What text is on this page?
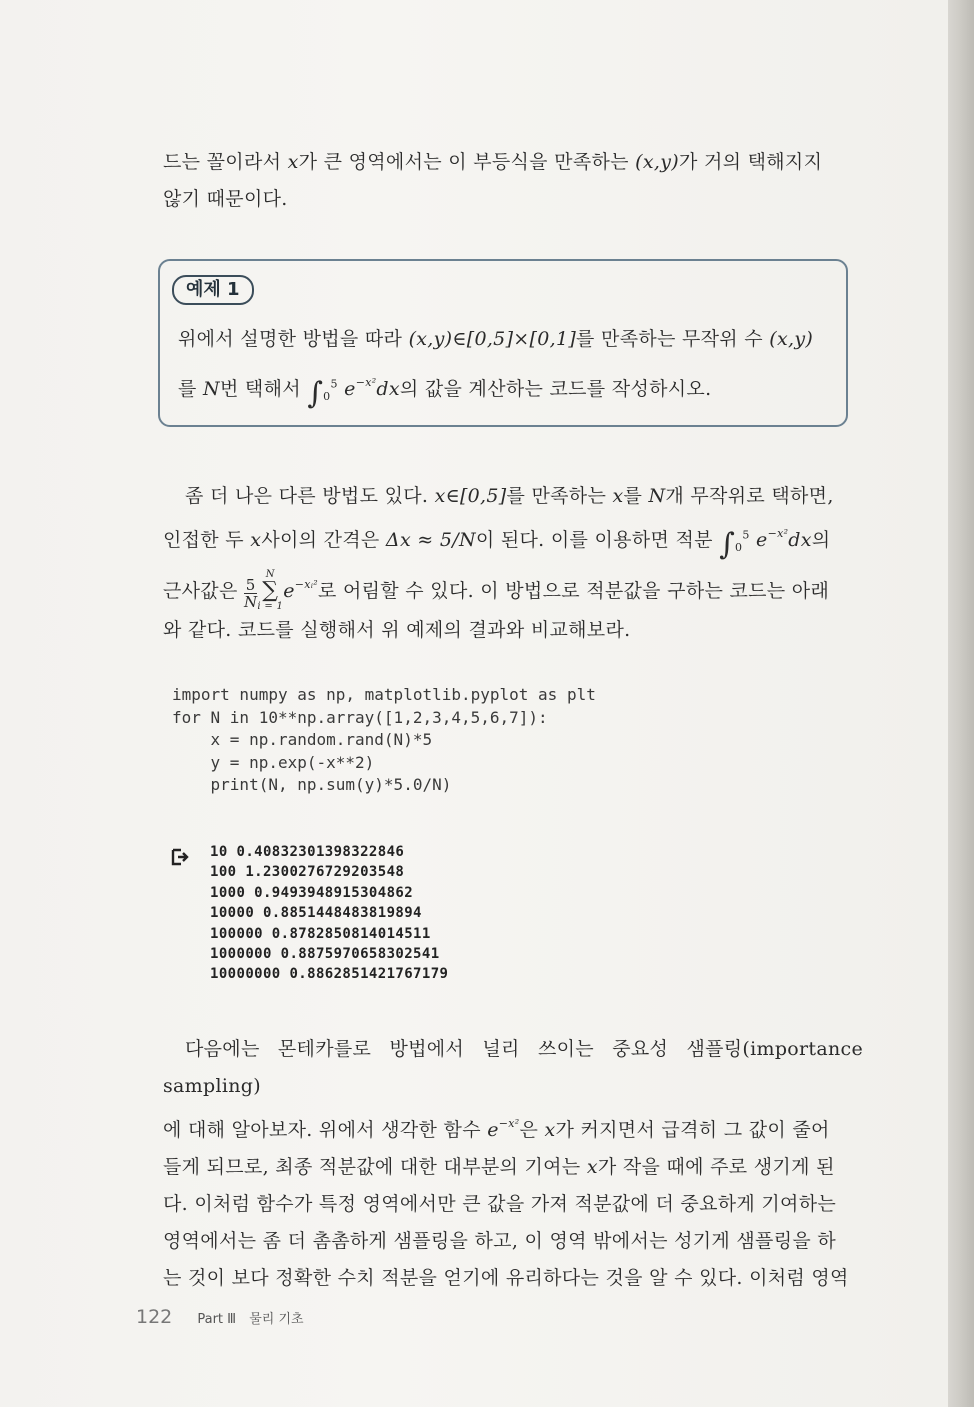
드는 꼴이라서 x가 큰 영역에서는 이 부등식을 만족하는 (x,y)가 거의 택해지지

않기 때문이다.

예제 1

위에서 설명한 방법을 따라 (x,y)∈[0,5]×[0,1]를 만족하는 무작위 수 (x,y)

를 N번 택해서 $\int_0^5$ $e^{-x^2}dx$의 값을 계산하는 코드를 작성하시오.

좀 더 나은 다른 방법도 있다. x∈[0,5]를 만족하는 x를 N개 무작위로 택하면,

인접한 두 x사이의 간격은 Δx ≈ 5/N이 된다. 이를 이용하면 적분 $\int_0^5$ $e^{-x^2}dx$의

근사값은 $\frac{5}{N}$
N
∑
i = 1
$e^{-xᵢ^2}$로 어림할 수 있다. 이 방법으로 적분값을 구하는 코드는 아래

와 같다. 코드를 실행해서 위 예제의 결과와 비교해보라.

import numpy as np, matplotlib.pyplot as plt
for N in 10**np.array([1,2,3,4,5,6,7]):
x = np.random.rand(N)*5
y = np.exp(-x**2)
print(N, np.sum(y)*5.0/N)
10 0.40832301398322846
100 1.2300276729203548
1000 0.9493948915304862
10000 0.8851448483819894
100000 0.8782850814014511
1000000 0.8875970658302541
10000000 0.8862851421767179

다음에는 몬테카를로 방법에서 널리 쓰이는 중요성 샘플링(importance sampling)

에 대해 알아보자. 위에서 생각한 함수 $e^{-x^2}$은 x가 커지면서 급격히 그 값이 줄어

들게 되므로, 최종 적분값에 대한 대부분의 기여는 x가 작을 때에 주로 생기게 된

다. 이처럼 함수가 특정 영역에서만 큰 값을 가져 적분값에 더 중요하게 기여하는

영역에서는 좀 더 촘촘하게 샘플링을 하고, 이 영역 밖에서는 성기게 샘플링을 하

는 것이 보다 정확한 수치 적분을 얻기에 유리하다는 것을 알 수 있다. 이처럼 영역

122 Part Ⅲ 물리 기초
